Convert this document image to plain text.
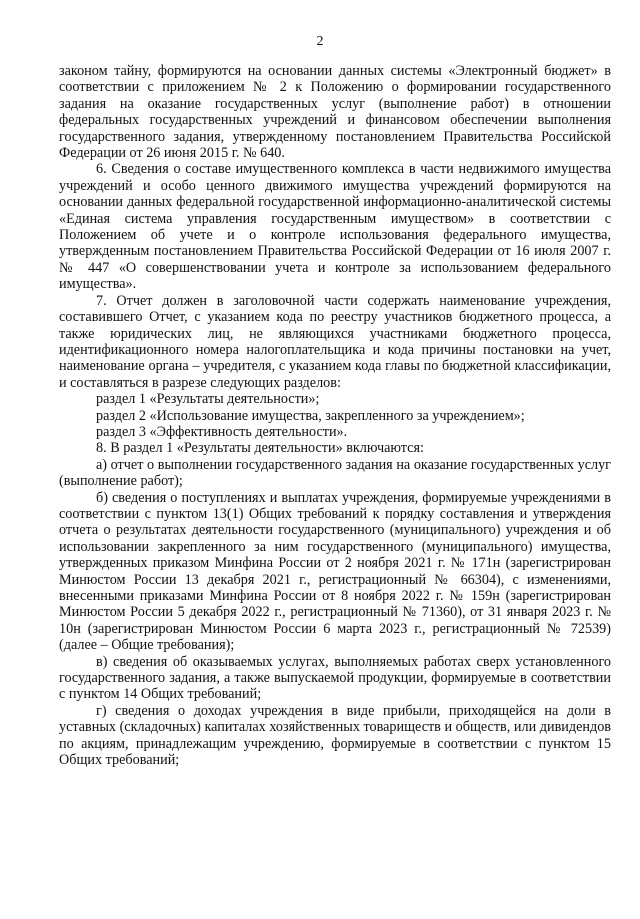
2

законом тайну, формируются на основании данных системы «Электронный бюджет» в соответствии с приложением № 2 к Положению о формировании государственного задания на оказание государственных услуг (выполнение работ) в отношении федеральных государственных учреждений и финансовом обеспечении выполнения государственного задания, утвержденному постановлением Правительства Российской Федерации от 26 июня 2015 г. № 640.

6. Сведения о составе имущественного комплекса в части недвижимого имущества учреждений и особо ценного движимого имущества учреждений формируются на основании данных федеральной государственной информационно-аналитической системы «Единая система управления государственным имуществом» в соответствии с Положением об учете и о контроле использования федерального имущества, утвержденным постановлением Правительства Российской Федерации от 16 июля 2007 г. № 447 «О совершенствовании учета и контроле за использованием федерального имущества».

7. Отчет должен в заголовочной части содержать наименование учреждения, составившего Отчет, с указанием кода по реестру участников бюджетного процесса, а также юридических лиц, не являющихся участниками бюджетного процесса, идентификационного номера налогоплательщика и кода причины постановки на учет, наименование органа – учредителя, с указанием кода главы по бюджетной классификации, и составляться в разрезе следующих разделов:

раздел 1 «Результаты деятельности»;

раздел 2 «Использование имущества, закрепленного за учреждением»;

раздел 3 «Эффективность деятельности».

8. В раздел 1 «Результаты деятельности» включаются:

а) отчет о выполнении государственного задания на оказание государственных услуг (выполнение работ);

б) сведения о поступлениях и выплатах учреждения, формируемые учреждениями в соответствии с пунктом 13(1) Общих требований к порядку составления и утверждения отчета о результатах деятельности государственного (муниципального) учреждения и об использовании закрепленного за ним государственного (муниципального) имущества, утвержденных приказом Минфина России от 2 ноября 2021 г. № 171н (зарегистрирован Минюстом России 13 декабря 2021 г., регистрационный № 66304), с изменениями, внесенными приказами Минфина России от 8 ноября 2022 г. № 159н (зарегистрирован Минюстом России 5 декабря 2022 г., регистрационный № 71360), от 31 января 2023 г. № 10н (зарегистрирован Минюстом России 6 марта 2023 г., регистрационный № 72539) (далее – Общие требования);

в) сведения об оказываемых услугах, выполняемых работах сверх установленного государственного задания, а также выпускаемой продукции, формируемые в соответствии с пунктом 14 Общих требований;

г) сведения о доходах учреждения в виде прибыли, приходящейся на доли в уставных (складочных) капиталах хозяйственных товариществ и обществ, или дивидендов по акциям, принадлежащим учреждению, формируемые в соответствии с пунктом 15 Общих требований;
